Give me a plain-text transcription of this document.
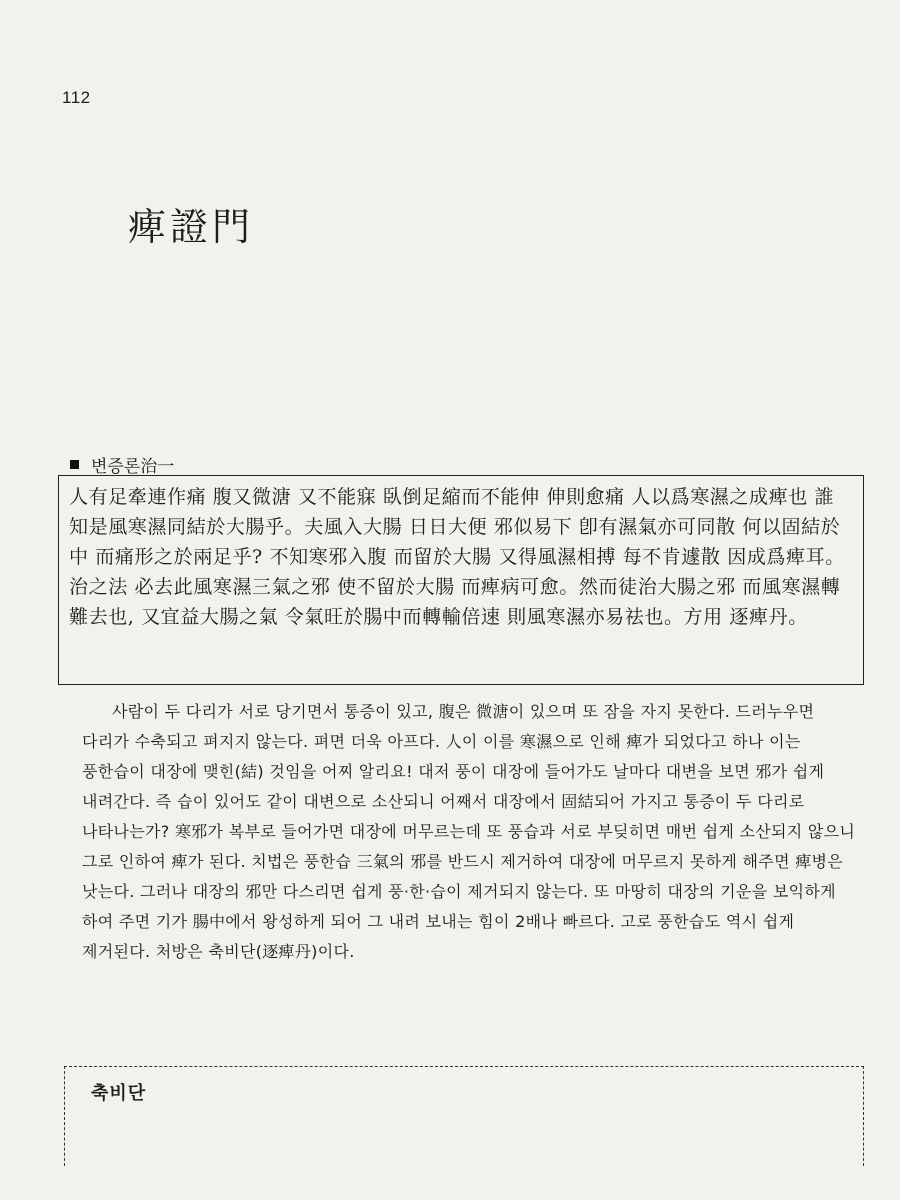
112
痺證門
변증론治一

人有足牽連作痛 腹又微溏 又不能寐 臥倒足縮而不能伸 伸則愈痛 人以爲寒濕之成痺也 誰知是風寒濕同結於大腸乎。夫風入大腸 日日大便 邪似易下 卽有濕氣亦可同散 何以固結於中 而痛形之於兩足乎? 不知寒邪入腹 而留於大腸 又得風濕相搏 每不肯遽散 因成爲痺耳。治之法 必去此風寒濕三氣之邪 使不留於大腸 而痺病可愈。然而徒治大腸之邪 而風寒濕轉難去也, 又宜益大腸之氣 令氣旺於腸中而轉輸倍速 則風寒濕亦易祛也。方用 逐痺丹。

사람이 두 다리가 서로 당기면서 통증이 있고, 腹은 微溏이 있으며 또 잠을 자지 못한다. 드러누우면 다리가 수축되고 펴지지 않는다. 펴면 더욱 아프다. 人이 이를 寒濕으로 인해 痺가 되었다고 하나 이는 풍한습이 대장에 맺힌(結) 것임을 어찌 알리요! 대저 풍이 대장에 들어가도 날마다 대변을 보면 邪가 쉽게 내려간다. 즉 습이 있어도 같이 대변으로 소산되니 어째서 대장에서 固結되어 가지고 통증이 두 다리로 나타나는가? 寒邪가 복부로 들어가면 대장에 머무르는데 또 풍습과 서로 부딪히면 매번 쉽게 소산되지 않으니 그로 인하여 痺가 된다. 치법은 풍한습 三氣의 邪를 반드시 제거하여 대장에 머무르지 못하게 해주면 痺병은 낫는다. 그러나 대장의 邪만 다스리면 쉽게 풍·한·습이 제거되지 않는다. 또 마땅히 대장의 기운을 보익하게 하여 주면 기가 腸中에서 왕성하게 되어 그 내려 보내는 힘이 2배나 빠르다. 고로 풍한습도 역시 쉽게 제거된다. 처방은 축비단(逐痺丹)이다.

축비단
